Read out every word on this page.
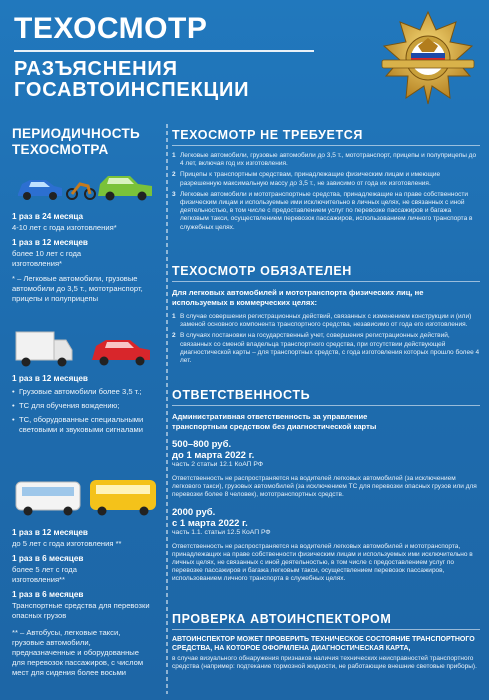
ТЕХОСМОТР
РАЗЪЯСНЕНИЯ
ГОСАВТОИНСПЕКЦИИ
ПЕРИОДИЧНОСТЬ
ТЕХОСМОТРА
1 раз в 24 месяца
4-10 лет с года изготовления*
1 раз в 12 месяцев
более 10 лет с года изготовления*
* – Легковые автомобили, грузовые автомобили до 3,5 т., мототранспорт, прицепы и полуприцепы
1 раз в 12 месяцев
• Грузовые автомобили более 3,5 т.;
• ТС для обучения вождению;
• ТС, оборудованные специальными световыми и звуковыми сигналами
1 раз в 12 месяцев
до 5 лет с года изготовления **
1 раз в 6 месяцев
более 5 лет с года изготовления**
1 раз в 6 месяцев
Транспортные средства для перевозки опасных грузов
** – Автобусы, легковые такси, грузовые автомобили, предназначенные и оборудованные для перевозок пассажиров, с числом мест для сидения более восьми
ТЕХОСМОТР НЕ ТРЕБУЕТСЯ
1 Легковые автомобили, грузовые автомобили до 3,5 т., мототранспорт, прицепы и полуприцепы до 4 лет, включая год их изготовления.
2 Прицепы к транспортным средствам, принадлежащие физическим лицам и имеющие разрешенную максимальную массу до 3,5 т., не зависимо от года их изготовления.
3 Легковые автомобили и мототранспортные средства, принадлежащие на праве собственности физическим лицам и используемые ими исключительно в личных целях, не связанных с иной деятельностью, в том числе с предоставлением услуг по перевозке пассажиров и багажа легковым такси, осуществлением перевозок пассажиров, использованием личного транспорта в служебных целях.
ТЕХОСМОТР ОБЯЗАТЕЛЕН
Для легковых автомобилей и мототранспорта физических лиц, не используемых в коммерческих целях:
1 В случае совершения регистрационных действий, связанных с изменением конструкции и (или) заменой основного компонента транспортного средства, независимо от года его изготовления.
2 В случаях постановки на государственный учет, совершения регистрационных действий, связанных со сменой владельца транспортного средства, при отсутствии действующей диагностической карты – для транспортных средств, с года изготовления которых прошло более 4 лет.
ОТВЕТСТВЕННОСТЬ
Административная ответственность за управление транспортным средством без диагностической карты
500–800 руб.
до 1 марта 2022 г.
часть 2 статьи 12.1 КоАП РФ
Ответственность не распространяется на водителей легковых автомобилей (за исключением легкового такси), грузовых автомобилей (за исключением ТС для перевозки опасных грузов или для перевозки более 8 человек), мототранспортных средств.
2000 руб.
с 1 марта 2022 г.
часть 1.1. статьи 12.5 КоАП РФ
Ответственность не распространяется на водителей легковых автомобилей и мототранспорта, принадлежащих на праве собственности физическим лицам и используемых ими исключительно в личных целях, не связанных с иной деятельностью, в том числе с предоставлением услуг по перевозке пассажиров и багажа легковым такси, осуществлением перевозок пассажиров, использованием личного транспорта в служебных целях.
ПРОВЕРКА АВТОИНСПЕКТОРОМ
АВТОИНСПЕКТОР МОЖЕТ ПРОВЕРИТЬ ТЕХНИЧЕСКОЕ СОСТОЯНИЕ ТРАНСПОРТНОГО СРЕДСТВА, НА КОТОРОЕ ОФОРМЛЕНА ДИАГНОСТИЧЕСКАЯ КАРТА,
в случае визуального обнаружения признаков наличия технических неисправностей транспортного средства (например: подтекание тормозной жидкости, не работающие внешние световые приборы).
